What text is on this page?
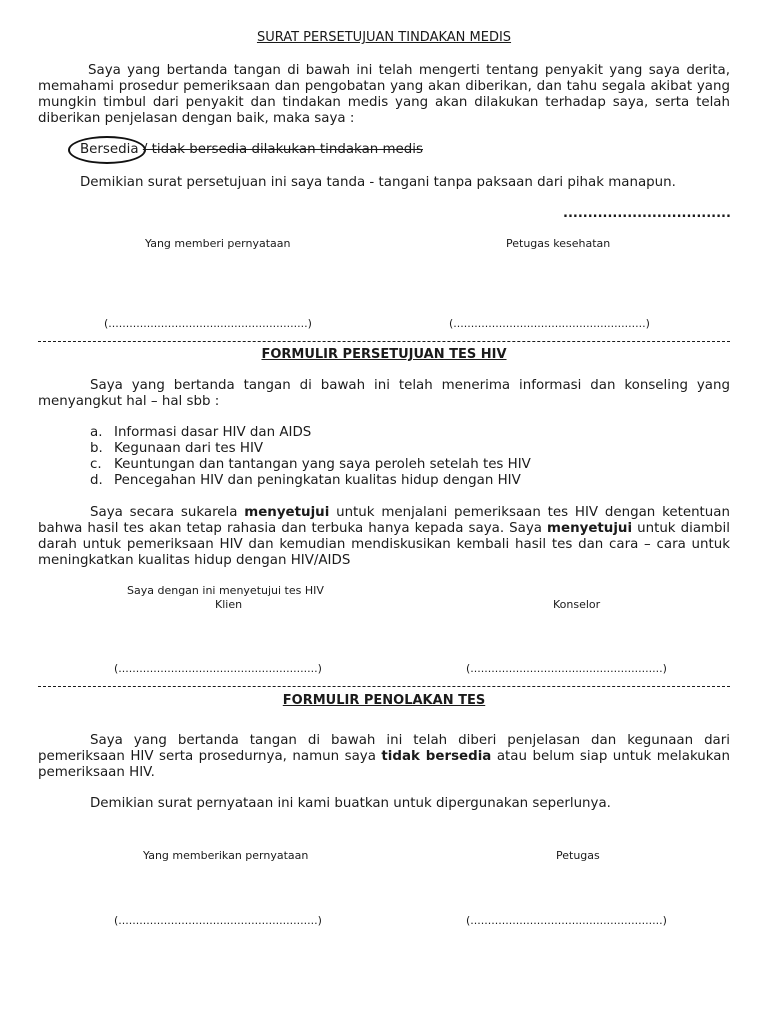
SURAT PERSETUJUAN TINDAKAN MEDIS
Saya yang bertanda tangan di bawah ini telah mengerti tentang penyakit yang saya derita,
memahami prosedur pemeriksaan dan pengobatan yang akan diberikan, dan tahu segala akibat yang
mungkin timbul dari penyakit dan tindakan medis yang akan dilakukan terhadap saya, serta telah
diberikan penjelasan dengan baik, maka saya :
Bersedia / tidak bersedia dilakukan tindakan medis
Demikian surat persetujuan ini saya tanda - tangani tanpa paksaan dari pihak manapun.
..................................
Yang memberi pernyataan	Petugas kesehatan
(.........................................................)	(.......................................................)
FORMULIR PERSETUJUAN TES HIV
Saya yang bertanda tangan di bawah ini telah menerima informasi dan konseling yang
menyangkut hal – hal sbb :
a. Informasi dasar HIV dan AIDS
b. Kegunaan dari tes HIV
c. Keuntungan dan tantangan yang saya peroleh setelah tes HIV
d. Pencegahan HIV dan peningkatan kualitas hidup dengan HIV
Saya secara sukarela menyetujui untuk menjalani pemeriksaan tes HIV dengan ketentuan
bahwa hasil tes akan tetap rahasia dan terbuka hanya kepada saya. Saya menyetujui untuk diambil
darah untuk pemeriksaan HIV dan kemudian mendiskusikan kembali hasil tes dan cara – cara untuk
meningkatkan kualitas hidup dengan HIV/AIDS
Saya dengan ini menyetujui tes HIV
Klien	Konselor
(.........................................................)	(.......................................................)
FORMULIR PENOLAKAN TES
Saya yang bertanda tangan di bawah ini telah diberi penjelasan dan kegunaan dari
pemeriksaan HIV serta prosedurnya, namun saya tidak bersedia atau belum siap untuk melakukan
pemeriksaan HIV.
Demikian surat pernyataan ini kami buatkan untuk dipergunakan seperlunya.
Yang memberikan pernyataan	Petugas
(.........................................................)	(.......................................................)
